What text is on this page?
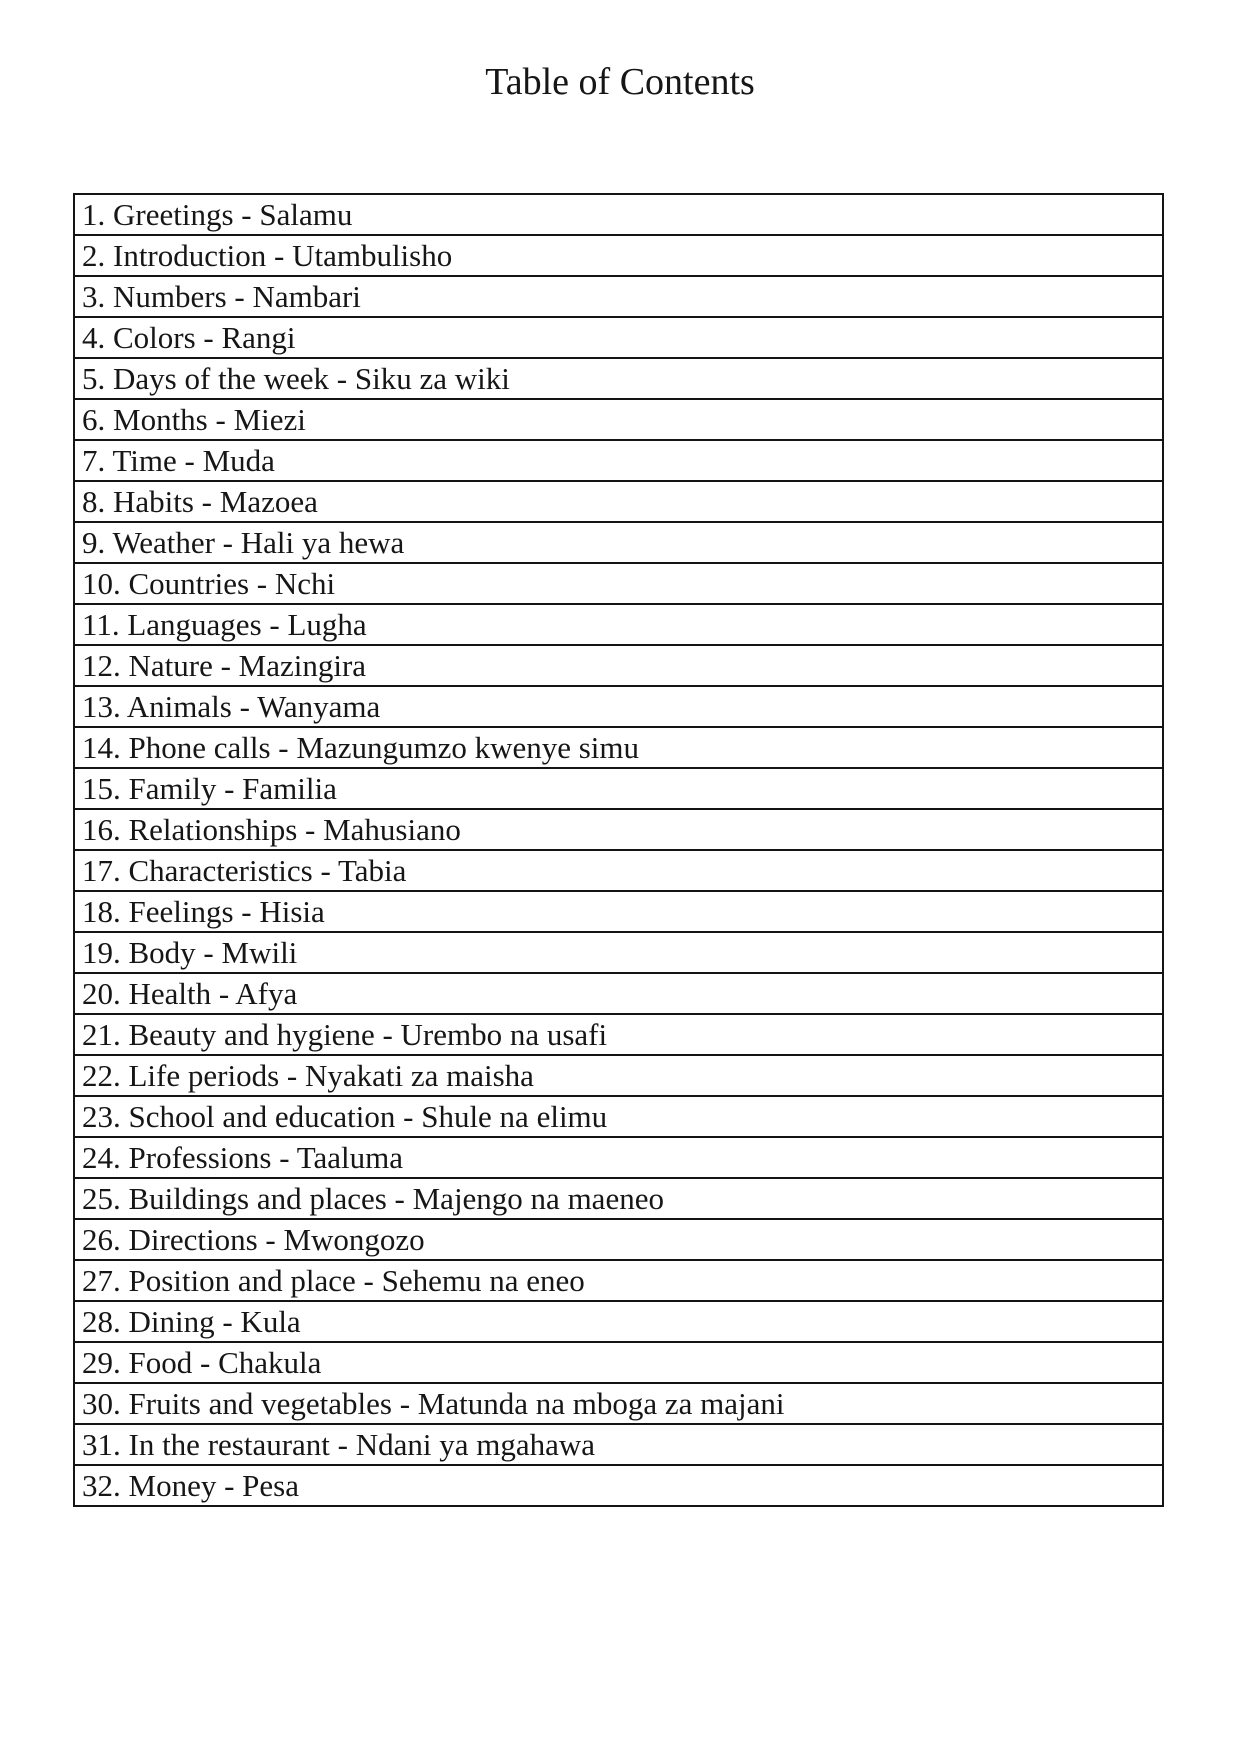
Table of Contents
1. Greetings - Salamu
2. Introduction - Utambulisho
3. Numbers - Nambari
4. Colors - Rangi
5. Days of the week - Siku za wiki
6. Months - Miezi
7. Time - Muda
8. Habits - Mazoea
9. Weather - Hali ya hewa
10. Countries - Nchi
11. Languages - Lugha
12. Nature - Mazingira
13. Animals - Wanyama
14. Phone calls - Mazungumzo kwenye simu
15. Family - Familia
16. Relationships - Mahusiano
17. Characteristics - Tabia
18. Feelings - Hisia
19. Body - Mwili
20. Health - Afya
21. Beauty and hygiene - Urembo na usafi
22. Life periods - Nyakati za maisha
23. School and education - Shule na elimu
24. Professions - Taaluma
25. Buildings and places - Majengo na maeneo
26. Directions - Mwongozo
27. Position and place - Sehemu na eneo
28. Dining - Kula
29. Food - Chakula
30. Fruits and vegetables - Matunda na mboga za majani
31. In the restaurant - Ndani ya mgahawa
32. Money - Pesa
